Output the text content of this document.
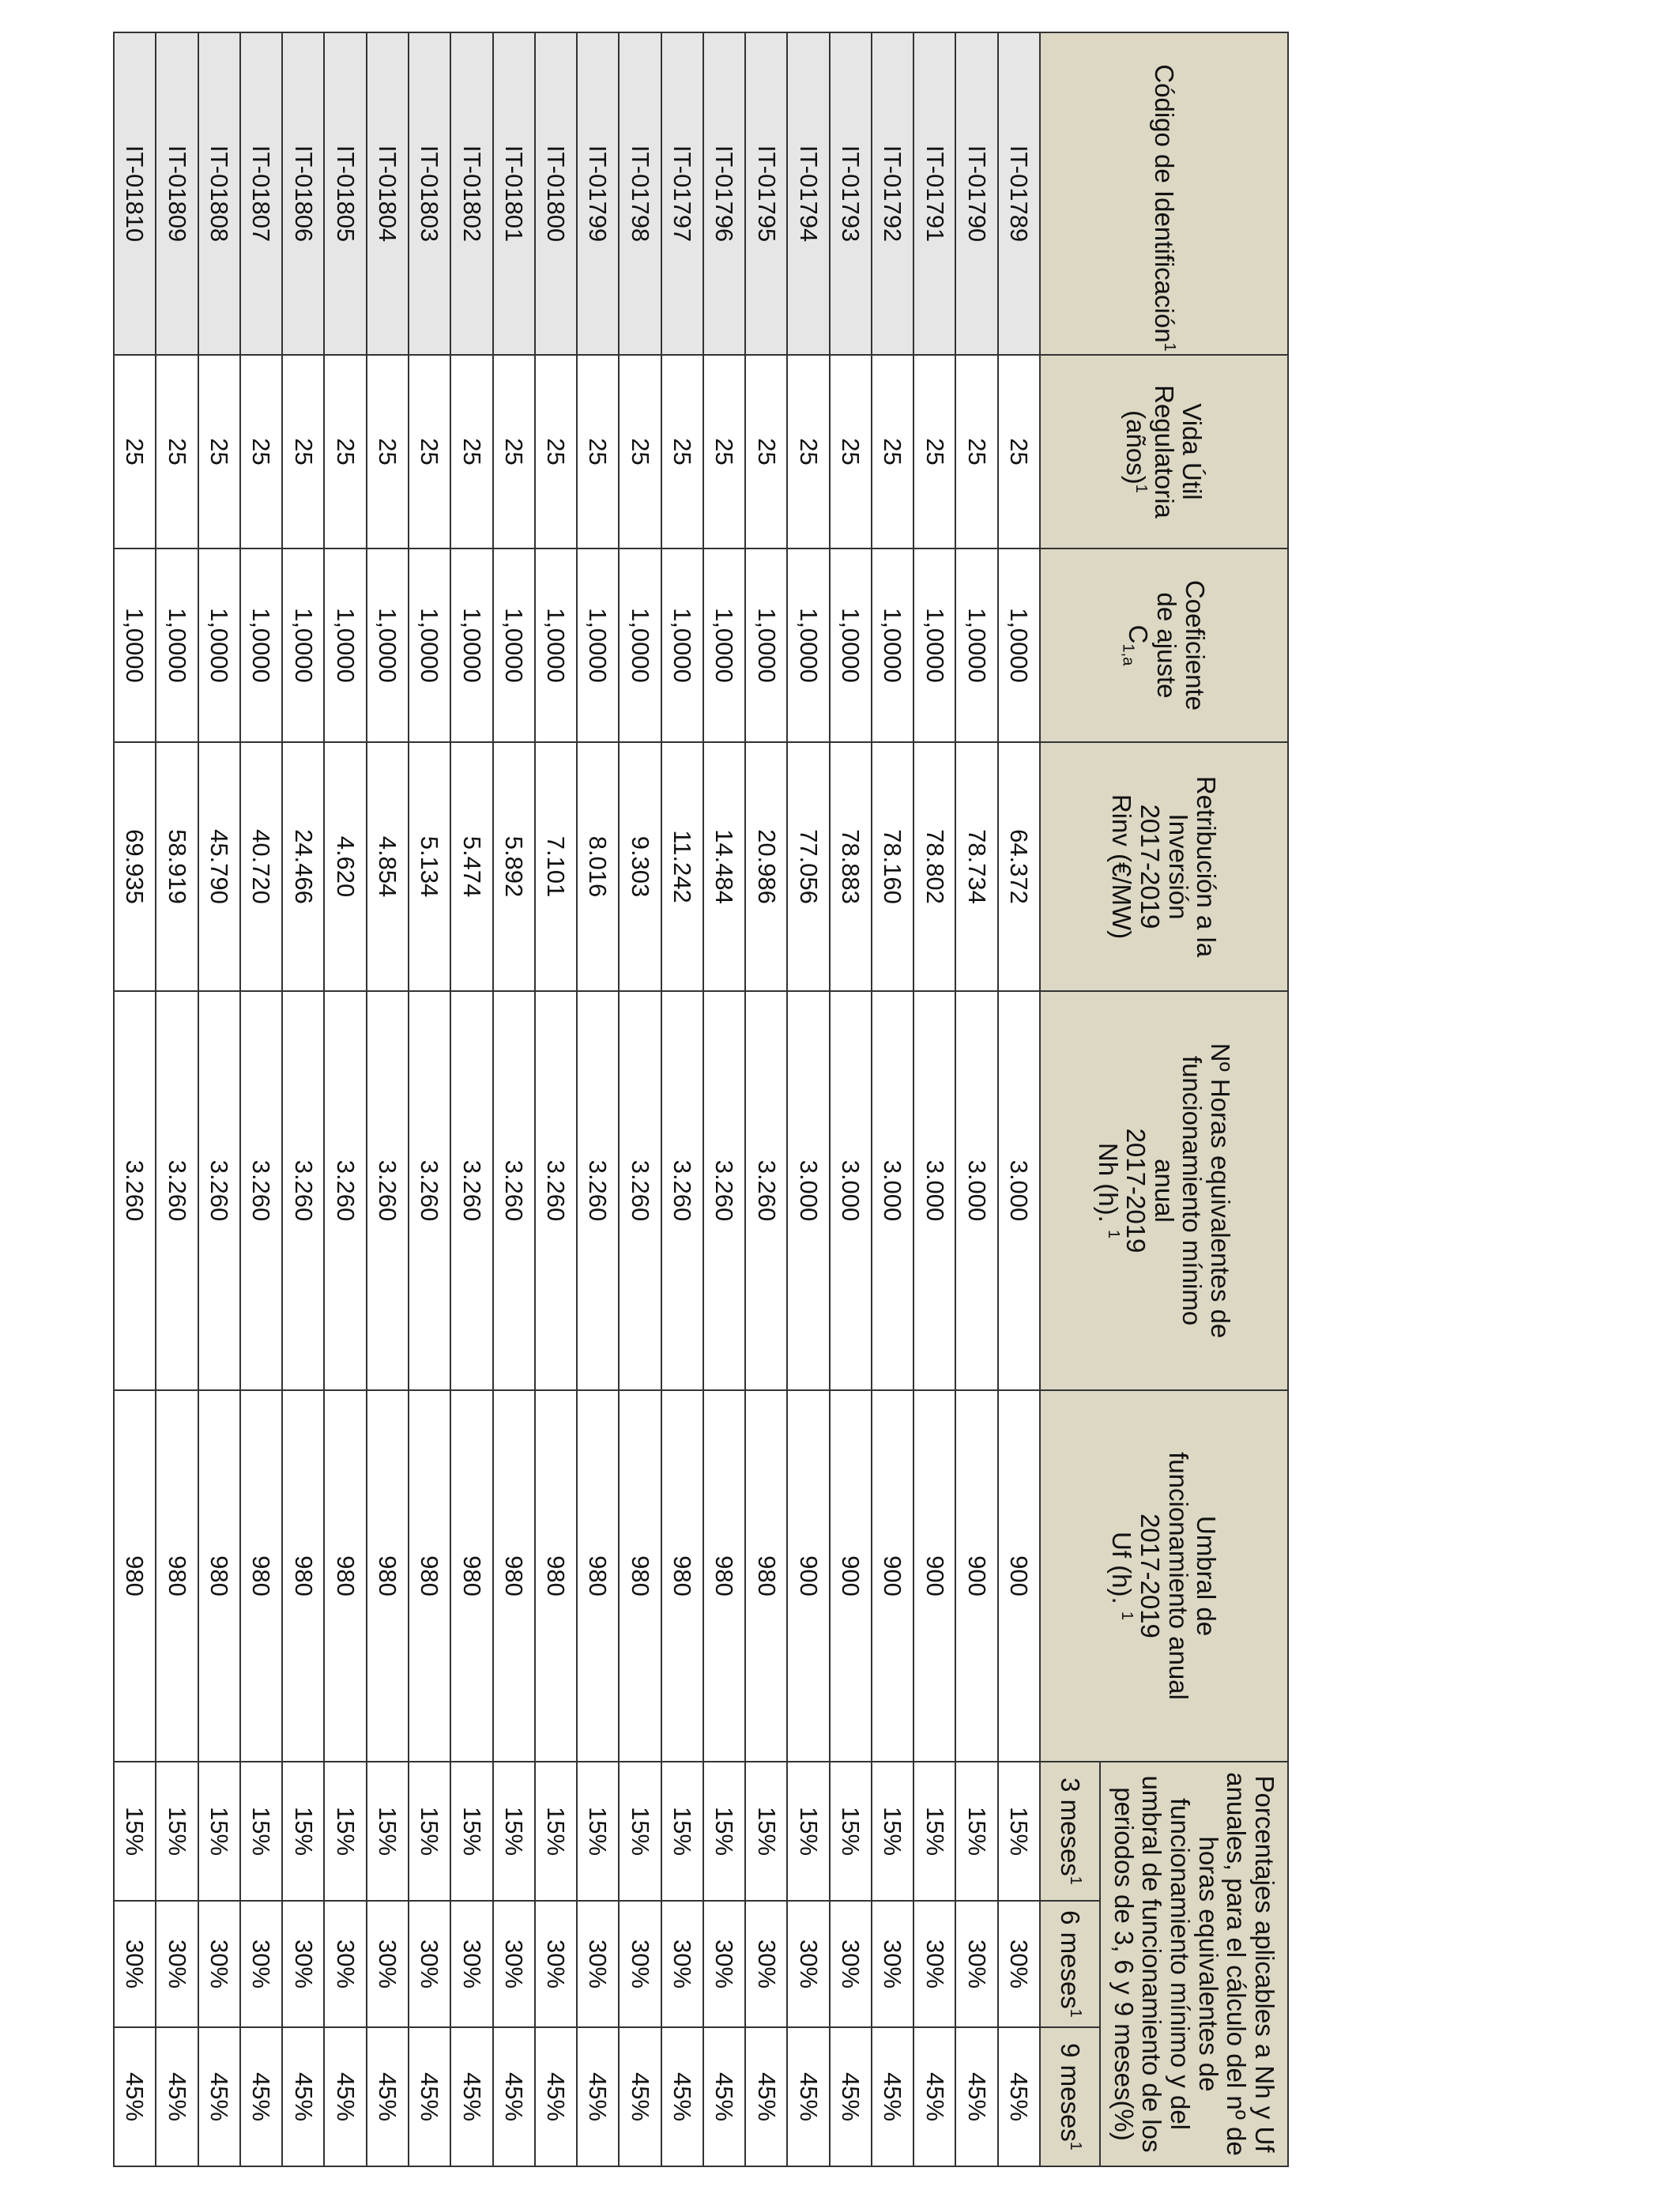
Código de Identificación$^1$	Vida Útil
Regulatoria
(años)$^1$	Coeficiente
de ajuste
$C_{1,a}$	Retribución a la
Inversión
2017-2019
Rinv (€/MW)	Nº Horas equivalentes de
funcionamiento mínimo
anual
2017-2019
Nh (h). $^1$	Umbral de
funcionamiento anual
2017-2019
Uf (h). $^1$	Porcentajes aplicables a Nh y Uf anuales, para el cálculo del nº de horas equivalentes de funcionamiento mínimo y del umbral de funcionamiento de los periodos de 3, 6 y 9 meses(%)		
						3 meses$^1$	6 meses$^1$	9 meses$^1$
IT-01789	25	1,0000	64.372	3.000	900	15%	30%	45%
IT-01790	25	1,0000	78.734	3.000	900	15%	30%	45%
IT-01791	25	1,0000	78.802	3.000	900	15%	30%	45%
IT-01792	25	1,0000	78.160	3.000	900	15%	30%	45%
IT-01793	25	1,0000	78.883	3.000	900	15%	30%	45%
IT-01794	25	1,0000	77.056	3.000	900	15%	30%	45%
IT-01795	25	1,0000	20.986	3.260	980	15%	30%	45%
IT-01796	25	1,0000	14.484	3.260	980	15%	30%	45%
IT-01797	25	1,0000	11.242	3.260	980	15%	30%	45%
IT-01798	25	1,0000	9.303	3.260	980	15%	30%	45%
IT-01799	25	1,0000	8.016	3.260	980	15%	30%	45%
IT-01800	25	1,0000	7.101	3.260	980	15%	30%	45%
IT-01801	25	1,0000	5.892	3.260	980	15%	30%	45%
IT-01802	25	1,0000	5.474	3.260	980	15%	30%	45%
IT-01803	25	1,0000	5.134	3.260	980	15%	30%	45%
IT-01804	25	1,0000	4.854	3.260	980	15%	30%	45%
IT-01805	25	1,0000	4.620	3.260	980	15%	30%	45%
IT-01806	25	1,0000	24.466	3.260	980	15%	30%	45%
IT-01807	25	1,0000	40.720	3.260	980	15%	30%	45%
IT-01808	25	1,0000	45.790	3.260	980	15%	30%	45%
IT-01809	25	1,0000	58.919	3.260	980	15%	30%	45%
IT-01810	25	1,0000	69.935	3.260	980	15%	30%	45%
